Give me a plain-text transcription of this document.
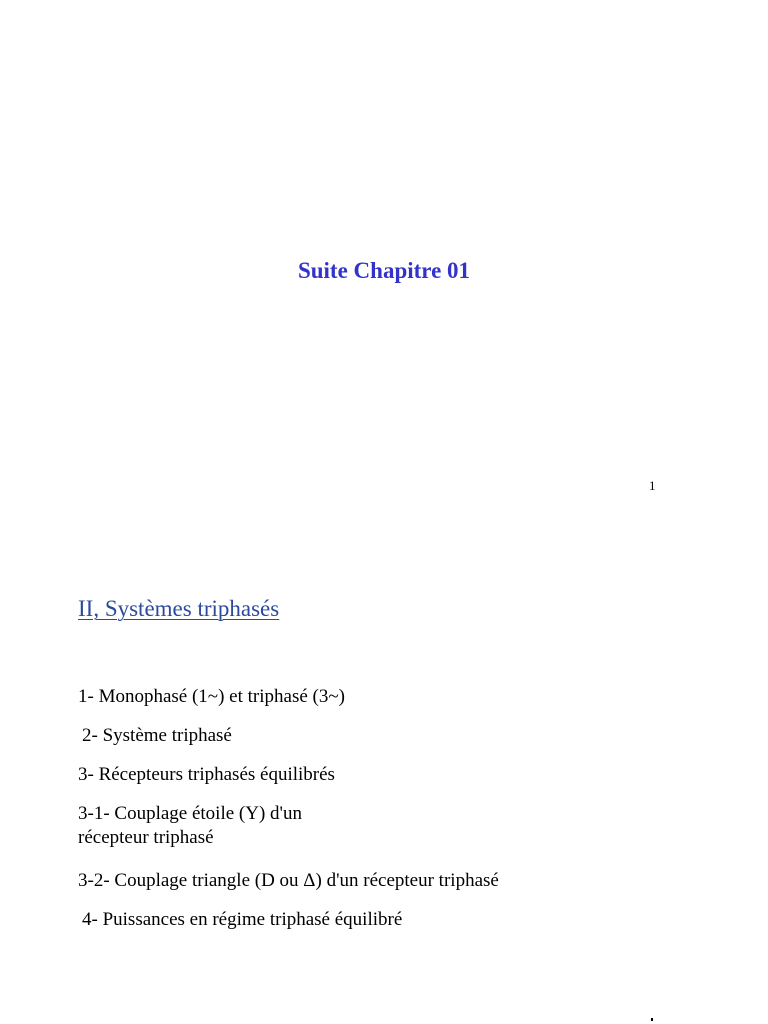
Suite Chapitre 01
1
II, Systèmes triphasés
1- Monophasé (1~) et triphasé (3~)
2- Système triphasé
3- Récepteurs triphasés équilibrés
3-1- Couplage étoile (Y) d'un
récepteur triphasé
3-2- Couplage triangle (D ou Δ) d'un récepteur triphasé
4- Puissances en régime triphasé équilibré
